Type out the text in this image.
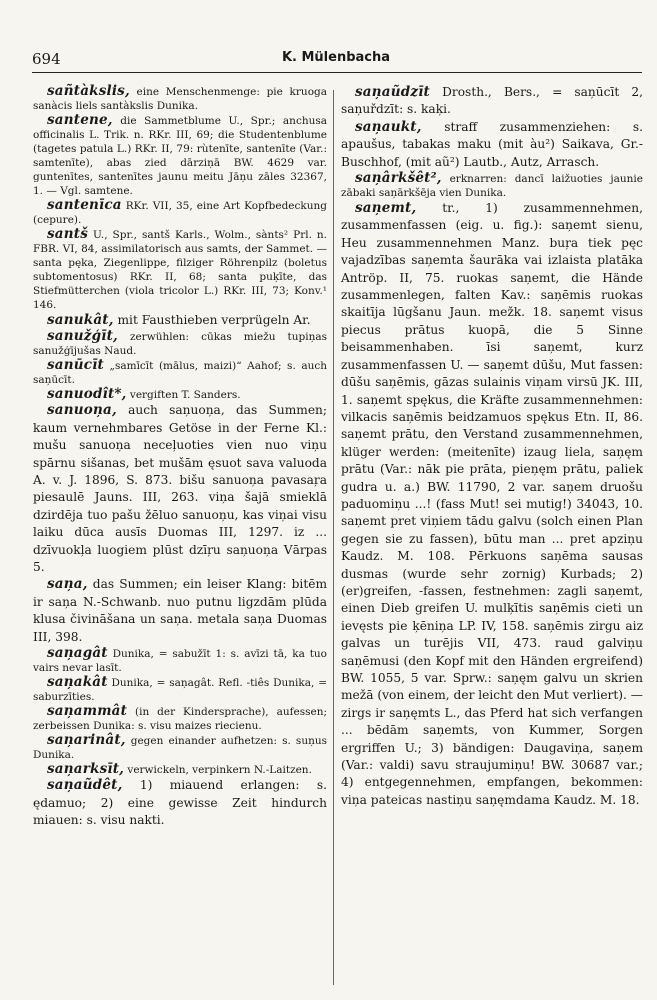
694	K. Mülenbacha

sañtàkslis, eine Menschenmenge: pie kruoga sanàcis liels santàkslis Dunika.

santene, die Sammetblume U., Spr.; anchusa officinalis L. Trik. n. RKr. III, 69; die Studentenblume (tagetes patula L.) RKr. II, 79: rùtenīte, santenīte (Var.: samtenīte), abas zied dārziņā BW. 4629 var. guntenītes, santenītes jaunu meitu Jāņu zāles 32367, 1. — Vgl. samtene.

santenīca RKr. VII, 35, eine Art Kopfbedeckung (cepure).

santš U., Spr., santš Karls., Wolm., sànts² Prl. n. FBR. VI, 84, assimilatorisch aus samts, der Sammet. — santa pęka, Ziegenlippe, filziger Röhrenpilz (boletus subtomentosus) RKr. II, 68; santa puķīte, das Stiefmütterchen (viola tricolor L.) RKr. III, 73; Konv.¹ 146.

sanukât, mit Fausthieben verprügeln Ar.

sanužģīt, zerwühlen: cūkas miežu tupiņas sanužģījušas Naud.

sanūcīt „samīcīt (mālus, maizi)“ Aahof; s. auch saņūcīt.

sanuodît*, vergiften T. Sanders.

sanuoņa, auch saņuoņa, das Summen; kaum vernehmbares Getöse in der Ferne Kl.: mušu sanuoņa neceļuoties vien nuo viņu spārnu sišanas, bet mušām ęsuot sava valuoda A. v. J. 1896, S. 873. bišu sanuoņa pavasaŗa piesaulē Jauns. III, 263. viņa šajā smieklā dzirdēja tuo pašu žēluo sanuoņu, kas viņai visu laiku dūca ausīs Duomas III, 1297. iz ... dzīvuokļa luogiem plūst dzīŗu saņuoņa Vārpas 5.

saņa, das Summen; ein leiser Klang: bitēm ir saņa N.-Schwanb. nuo putnu ligzdām plūda klusa čivināšana un saņa. metala saņa Duomas III, 398.

saņagât Dunika, = sabužīt 1: s. avīzi tā, ka tuo vairs nevar lasīt.

saņakât Dunika, = saņagât. Refl. -tiês Dunika, = saburzīties.

saņammât (in der Kindersprache), aufessen; zerbeissen Dunika: s. visu maizes riecienu.

saņarinât, gegen einander aufhetzen: s. suņus Dunika.

saņarksīt, verwickeln, verpinkern N.-Laitzen.

saņaũdêt, 1) miauend erlangen: s. ędamuo; 2) eine gewisse Zeit hindurch miauen: s. visu nakti.

saņaũdzīt Drosth., Bers., = saņūcīt 2, saņuřdzīt: s. kaķi.

saņaukt, straff zusammenziehen: s. apaušus, tabakas maku (mit àu²) Saikava, Gr.-Buschhof, (mit aũ²) Lautb., Autz, Arrasch.

saņârkšêt², erknarren: dancī laižuoties jaunie zābaki saņārkšēja vien Dunika.

saņemt, tr., 1) zusammennehmen, zusammenfassen (eig. u. fig.): saņemt sienu, Heu zusammennehmen Manz. buŗa tiek pęc vajadzības saņemta šaurāka vai izlaista platāka Antröp. II, 75. ruokas saņemt, die Hände zusammenlegen, falten Kav.: saņēmis ruokas skaitīja lūgšanu Jaun. mežk. 18. saņemt visus piecus prātus kuopā, die 5 Sinne beisammenhaben. īsi saņemt, kurz zusammenfassen U. — saņemt dūšu, Mut fassen: dūšu saņēmis, gāzas sulainis viņam virsū JK. III, 1. saņemt spękus, die Kräfte zusammennehmen: vilkacis saņēmis beidzamuos spękus Etn. II, 86. saņemt prātu, den Verstand zusammennehmen, klüger werden: (meitenīte) izaug liela, saņęm prātu (Var.: nāk pie prāta, pieņęm prātu, paliek gudra u. a.) BW. 11790, 2 var. saņem druošu paduomiņu ...! (fass Mut! sei mutig!) 34043, 10. saņemt pret viņiem tādu galvu (solch einen Plan gegen sie zu fassen), būtu man ... pret apziņu Kaudz. M. 108. Pērkuons saņēma sausas dusmas (wurde sehr zornig) Kurbads; 2) (er)greifen, -fassen, festnehmen: zagli saņemt, einen Dieb greifen U. mulķītis saņēmis cieti un ievęsts pie ķēniņa LP. IV, 158. saņēmis zirgu aiz galvas un turējis VII, 473. raud galviņu saņēmusi (den Kopf mit den Händen ergreifend) BW. 1055, 5 var. Sprw.: saņęm galvu un skrien mežā (von einem, der leicht den Mut verliert). — zirgs ir saņęmts L., das Pferd hat sich verfangen ... bēdām saņemts, von Kummer, Sorgen ergriffen U.; 3) bändigen: Daugaviņa, saņem (Var.: valdi) savu straujumiņu! BW. 30687 var.; 4) entgegennehmen, empfangen, bekommen: viņa pateicas nastiņu saņęmdama Kaudz. M. 18.
